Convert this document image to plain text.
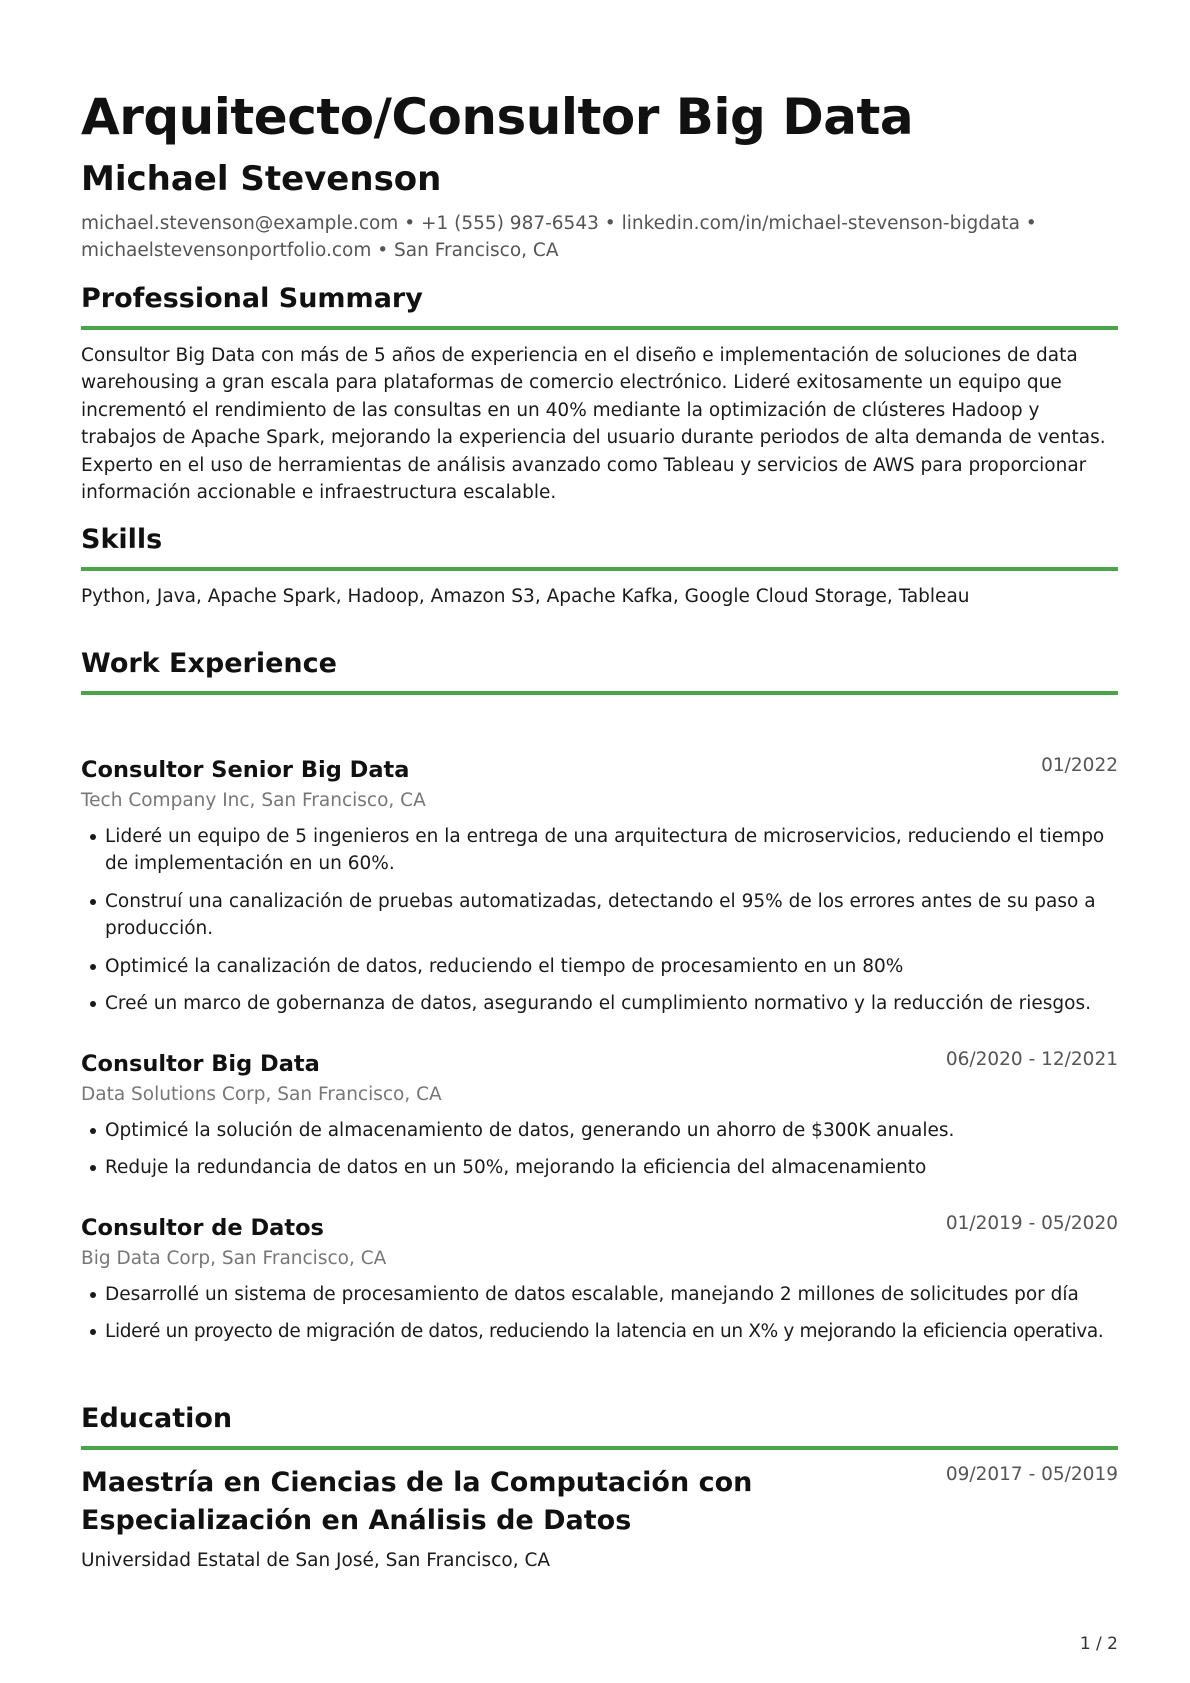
Arquitecto/Consultor Big Data
Michael Stevenson
michael.stevenson@example.com • +1 (555) 987-6543 • linkedin.com/in/michael-stevenson-bigdata •
michaelstevensonportfolio.com • San Francisco, CA
Professional Summary

Consultor Big Data con más de 5 años de experiencia en el diseño e implementación de soluciones de data warehousing a gran escala para plataformas de comercio electrónico. Lideré exitosamente un equipo que incrementó el rendimiento de las consultas en un 40% mediante la optimización de clústeres Hadoop y trabajos de Apache Spark, mejorando la experiencia del usuario durante periodos de alta demanda de ventas. Experto en el uso de herramientas de análisis avanzado como Tableau y servicios de AWS para proporcionar información accionable e infraestructura escalable.

Skills

Python, Java, Apache Spark, Hadoop, Amazon S3, Apache Kafka, Google Cloud Storage, Tableau

Work Experience
Consultor Senior Big Data	01/2022
Tech Company Inc, San Francisco, CA
Lideré un equipo de 5 ingenieros en la entrega de una arquitectura de microservicios, reduciendo el tiempo de implementación en un 60%.
Construí una canalización de pruebas automatizadas, detectando el 95% de los errores antes de su paso a producción.
Optimicé la canalización de datos, reduciendo el tiempo de procesamiento en un 80%
Creé un marco de gobernanza de datos, asegurando el cumplimiento normativo y la reducción de riesgos.
Consultor Big Data	06/2020 - 12/2021
Data Solutions Corp, San Francisco, CA
Optimicé la solución de almacenamiento de datos, generando un ahorro de $300K anuales.
Reduje la redundancia de datos en un 50%, mejorando la eficiencia del almacenamiento
Consultor de Datos	01/2019 - 05/2020
Big Data Corp, San Francisco, CA
Desarrollé un sistema de procesamiento de datos escalable, manejando 2 millones de solicitudes por día
Lideré un proyecto de migración de datos, reduciendo la latencia en un X% y mejorando la eficiencia operativa.
Education
Maestría en Ciencias de la Computación con Especialización en Análisis de Datos
09/2017 - 05/2019
Universidad Estatal de San José, San Francisco, CA
1 / 2
